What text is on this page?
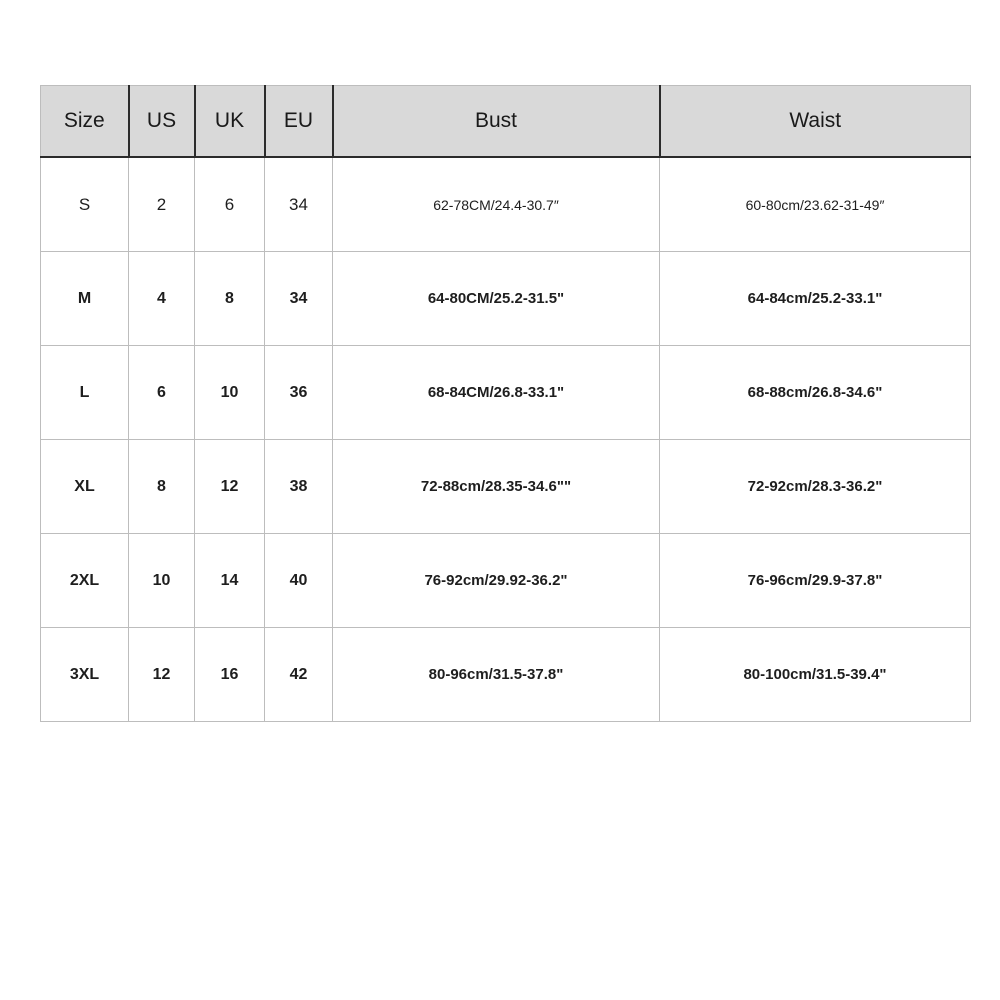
Size	US	UK	EU	Bust	Waist
S	2	6	34	62-78CM/24.4-30.7″	60-80cm/23.62-31-49″
M	4	8	34	64-80CM/25.2-31.5"	64-84cm/25.2-33.1"
L	6	10	36	68-84CM/26.8-33.1"	68-88cm/26.8-34.6"
XL	8	12	38	72-88cm/28.35-34.6""	72-92cm/28.3-36.2"
2XL	10	14	40	76-92cm/29.92-36.2"	76-96cm/29.9-37.8"
3XL	12	16	42	80-96cm/31.5-37.8"	80-100cm/31.5-39.4"
